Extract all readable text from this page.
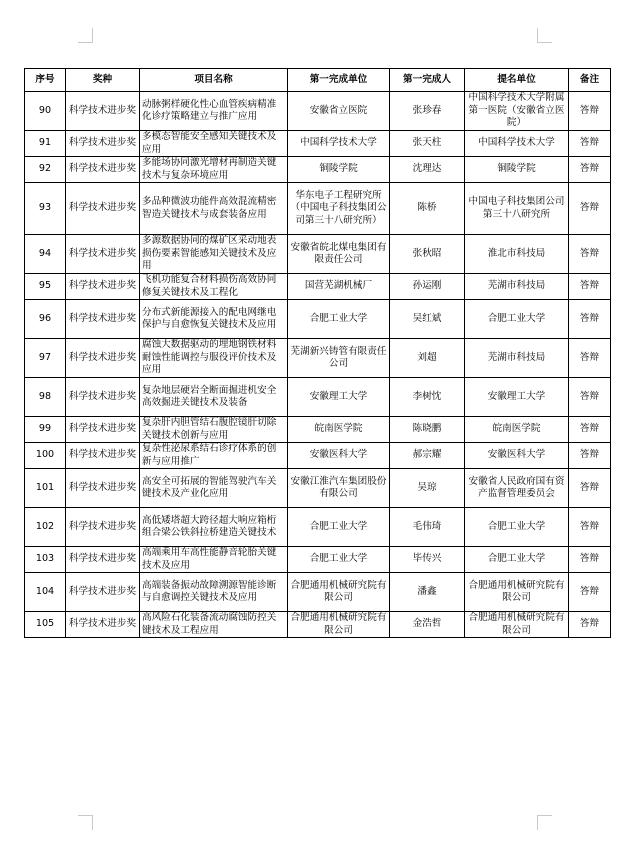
序号	奖种	项目名称	第一完成单位	第一完成人	提名单位	备注
90	科学技术进步奖	动脉粥样硬化性心血管疾病精准化诊疗策略建立与推广应用	安徽省立医院	张珍春	中国科学技术大学附属第一医院（安徽省立医院）	答辩
91	科学技术进步奖	多模态智能安全感知关键技术及应用	中国科学技术大学	张天柱	中国科学技术大学	答辩
92	科学技术进步奖	多能场协同激光增材再制造关键技术与复杂环境应用	铜陵学院	沈理达	铜陵学院	答辩
93	科学技术进步奖	多品种微波功能件高效混流精密智造关键技术与成套装备应用	华东电子工程研究所（中国电子科技集团公司第三十八研究所）	陈桥	中国电子科技集团公司第三十八研究所	答辩
94	科学技术进步奖	多源数据协同的煤矿区采动地表损伤要素智能感知关键技术及应用	安徽省皖北煤电集团有限责任公司	张秋昭	淮北市科技局	答辩
95	科学技术进步奖	飞机功能复合材料损伤高效协同修复关键技术及工程化	国营芜湖机械厂	孙运刚	芜湖市科技局	答辩
96	科学技术进步奖	分布式新能源接入的配电网继电保护与自愈恢复关键技术及应用	合肥工业大学	吴红斌	合肥工业大学	答辩
97	科学技术进步奖	腐蚀大数据驱动的埋地钢铁材料耐蚀性能调控与服役评价技术及应用	芜湖新兴铸管有限责任公司	刘超	芜湖市科技局	答辩
98	科学技术进步奖	复杂地层硬岩全断面掘进机安全高效掘进关键技术及装备	安徽理工大学	李树忱	安徽理工大学	答辩
99	科学技术进步奖	复杂肝内胆管结石腹腔镜肝切除关键技术创新与应用	皖南医学院	陈晓鹏	皖南医学院	答辩
100	科学技术进步奖	复杂性泌尿系结石诊疗体系的创新与应用推广	安徽医科大学	郝宗耀	安徽医科大学	答辩
101	科学技术进步奖	高安全可拓展的智能驾驶汽车关键技术及产业化应用	安徽江淮汽车集团股份有限公司	吴琼	安徽省人民政府国有资产监督管理委员会	答辩
102	科学技术进步奖	高低矮塔超大跨径超大响应箱桁组合梁公铁斜拉桥建造关键技术	合肥工业大学	毛伟琦	合肥工业大学	答辩
103	科学技术进步奖	高端乘用车高性能静音轮胎关键技术及应用	合肥工业大学	毕传兴	合肥工业大学	答辩
104	科学技术进步奖	高端装备振动故障溯源智能诊断与自愈调控关键技术及应用	合肥通用机械研究院有限公司	潘鑫	合肥通用机械研究院有限公司	答辩
105	科学技术进步奖	高风险石化装备流动腐蚀防控关键技术及工程应用	合肥通用机械研究院有限公司	金浩哲	合肥通用机械研究院有限公司	答辩
